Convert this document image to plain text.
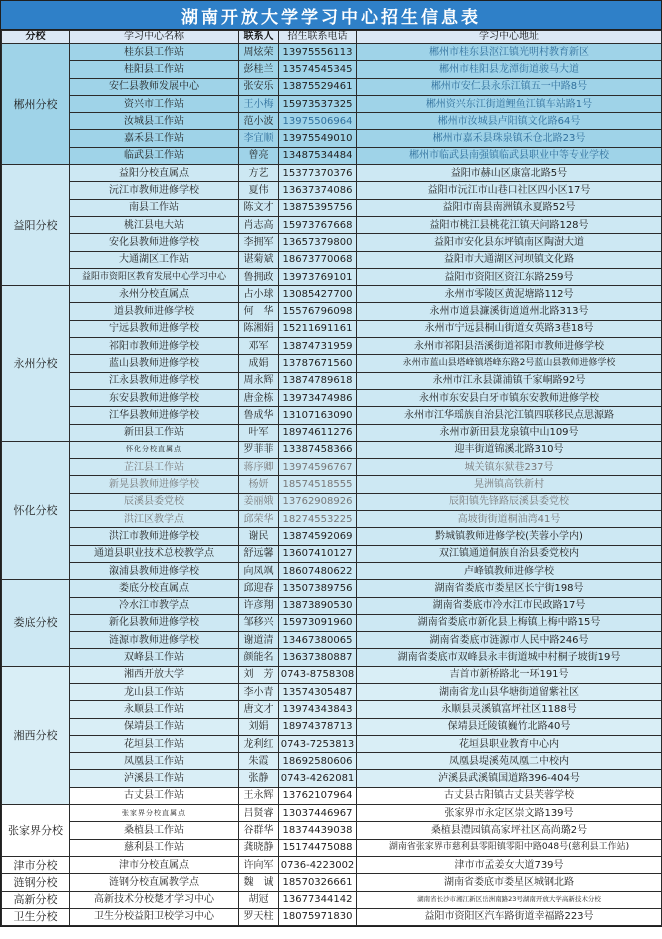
湖南开放大学学习中心招生信息表
分校	学习中心名称	联系人	招生联系电话	学习中心地址
郴州分校	桂东县工作站	周炫荣	13975556113	郴州市桂东县沤江镇光明村教育新区
	桂阳县工作站	彭桂兰	13574545345	郴州市桂阳县龙潭街道骏马大道
	安仁县教师发展中心	张安乐	13875529461	郴州市安仁县永乐江镇五一中路8号
	资兴市工作站	王小梅	15973537325	郴州资兴东江街道鲤鱼江镇车站路1号
	汝城县工作站	范小波	13975506964	郴州市汝城县卢阳镇文化路64号
	嘉禾县工作站	李宜顺	13975549010	郴州市嘉禾县珠泉镇禾仓北路23号
	临武县工作站	曾亮	13487534484	郴州市临武县南强镇临武县职业中等专业学校
益阳分校	益阳分校直属点	方艺	15377370376	益阳市赫山区康富北路5号
	沅江市教师进修学校	夏伟	13637374086	益阳市沅江市山巷口社区四小区17号
	南县工作站	陈文才	13875395756	益阳市南县南洲镇永夏路52号
	桃江县电大站	肖志高	15973767668	益阳市桃江县桃花江镇天问路128号
	安化县教师进修学校	李拥军	13657379800	益阳市安化县东坪镇南区陶澍大道
	大通湖区工作站	谌菊斌	18673770068	益阳市大通湖区河坝镇文化路
	益阳市资阳区教育发展中心学习中心	鲁拥政	13973769101	益阳市资阳区资江东路259号
永州分校	永州分校直属点	占小球	13085427700	永州市零陵区黄泥塘路112号
	道县教师进修学校	何　华	15576796098	永州市道县濂溪街道道州北路313号
	宁远县教师进修学校	陈湘娟	15211691161	永州市宁远县桐山街道女英路3巷18号
	祁阳市教师进修学校	邓军	13874731959	永州市祁阳县浯溪街道祁阳市教师进修学校
	蓝山县教师进修学校	成娟	13787671560	永州市蓝山县塔峰镇塔峰东路2号蓝山县教师进修学校
	江永县教师进修学校	周永辉	13874789618	永州市江永县潇浦镇千家峒路92号
	东安县教师进修学校	唐金栋	13973474986	永州市东安县白牙市镇东安教师进修学校
	江华县教师进修学校	鲁成华	13107163090	永州市江华瑶族自治县沱江镇四联移民点思源路
	新田县工作站	叶军	18974611276	永州市新田县龙泉镇中山109号
怀化分校	怀化分校直属点	罗菲菲	13387458366	迎丰街道锦溪北路310号
	芷江县工作站	蒋序卿	13974596767	城关镇东狱巷237号
	新晃县教师进修学校	杨妍	18574518555	晃洲镇高铁新村
	辰溪县委党校	姜丽娥	13762908926	辰阳镇先锋路辰溪县委党校
	洪江区教学点	邱荣华	18274553225	高坡街街道桐油湾41号
	洪江市教师进修学校	谢民	13874592069	黔城镇教师进修学校(芙蓉小学内)
	通道县职业技术总校教学点	舒远馨	13607410127	双江镇通道侗族自治县委党校内
	溆浦县教师进修学校	向凤飒	18607480622	卢峰镇教师进修学校
娄底分校	娄底分校直属点	邱迎春	13507389756	湖南省娄底市娄星区长宁街198号
	冷水江市教学点	许彦翔	13873890530	湖南省娄底市冷水江市民政路17号
	新化县教师进修学校	邹移兴	15973091960	湖南省娄底市新化县上梅镇上梅中路15号
	涟源市教师进修学校	谢道清	13467380065	湖南省娄底市涟源市人民中路246号
	双峰县工作站	颜能名	13637380887	湖南省娄底市双峰县永丰街道城中村桐子坡街19号
湘西分校	湘西开放大学	刘　芳	0743-8758308	吉首市新桥路北一环191号
	龙山县工作站	李小青	13574305487	湖南省龙山县华塘街道留紫社区
	永顺县工作站	唐文才	13974343843	永顺县灵溪镇富坪社区1188号
	保靖县工作站	刘娟	18974378713	保靖县迁陵镇巍竹北路40号
	花垣县工作站	龙利红	0743-7253813	花垣县职业教育中心内
	凤凰县工作站	朱霞	18692580606	凤凰县堤溪苑凤凰二中校内
	泸溪县工作站	张静	0743-4262081	泸溪县武溪镇国道路396-404号
	古丈县工作站	王永辉	13762107964	古丈县古阳镇古丈县芙蓉学校
张家界分校	张家界分校直属点	吕贤睿	13037446967	张家界市永定区崇文路139号
	桑植县工作站	谷群华	18374439038	桑植县澧园镇高家坪社区高尚璐2号
	慈利县工作站	龚晓静	15174475088	湖南省张家界市慈利县零阳镇零阳中路048号(慈利县工作站)
津市分校	津市分校直属点	许向军	0736-4223002	津市市孟姜女大道739号
涟钢分校	涟钢分校直属教学点	魏　诚	18570326661	湖南省娄底市娄星区城钢北路
高新分校	高新技术分校楚才学习中心	胡冠	13677344142	湖南省长沙市湘江新区岳洲南路23号湖南开放大学高新技术分校
卫生分校	卫生分校益阳卫校学习中心	罗天柱	18075971830	益阳市资阳区汽车路街道幸福路223号
